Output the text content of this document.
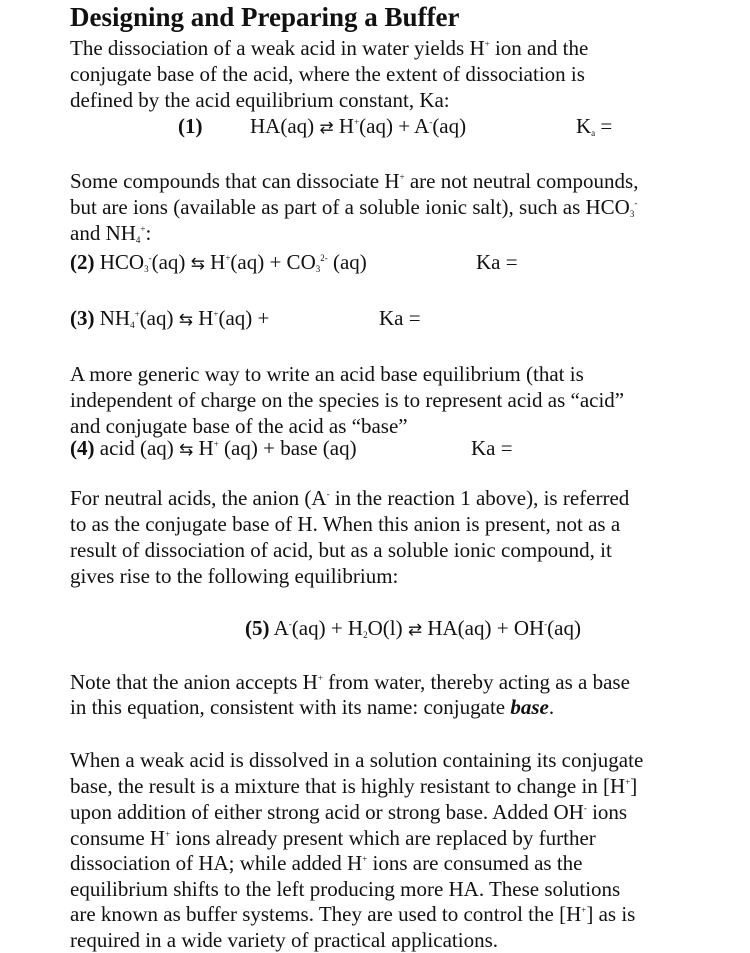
Designing and Preparing a Buffer
The dissociation of a weak acid in water yields H+ ion and the
conjugate base of the acid, where the extent of dissociation is
defined by the acid equilibrium constant, Ka:
(1) HA(aq) ⇄ H+(aq) + A-(aq)	$K_a$ =
Some compounds that can dissociate H+ are not neutral compounds,
but are ions (available as part of a soluble ionic salt), such as $HCO_3^-$
and $NH_4^+$:
(2) $HCO_3^-(aq)$ ⇆ $H^+(aq) + CO_3^{2-}$ (aq)	Ka =
(3) $NH_4^+(aq)$ ⇆ H+(aq) +	Ka =
A more generic way to write an acid base equilibrium (that is
independent of charge on the species is to represent acid as “acid”
and conjugate base of the acid as “base”
(4) acid (aq) ⇆ H+ (aq) + base (aq)	Ka =
For neutral acids, the anion (A- in the reaction 1 above), is referred
to as the conjugate base of H. When this anion is present, not as a
result of dissociation of acid, but as a soluble ionic compound, it
gives rise to the following equilibrium:
(5) $A^-(aq) + H_2O(l)$ ⇄ HA(aq) + OH-(aq)
Note that the anion accepts H+ from water, thereby acting as a base
in this equation, consistent with its name: conjugate base.
When a weak acid is dissolved in a solution containing its conjugate
base, the result is a mixture that is highly resistant to change in [H+]
upon addition of either strong acid or strong base. Added OH- ions
consume H+ ions already present which are replaced by further
dissociation of HA; while added H+ ions are consumed as the
equilibrium shifts to the left producing more HA. These solutions
are known as buffer systems. They are used to control the [H+] as is
required in a wide variety of practical applications.
